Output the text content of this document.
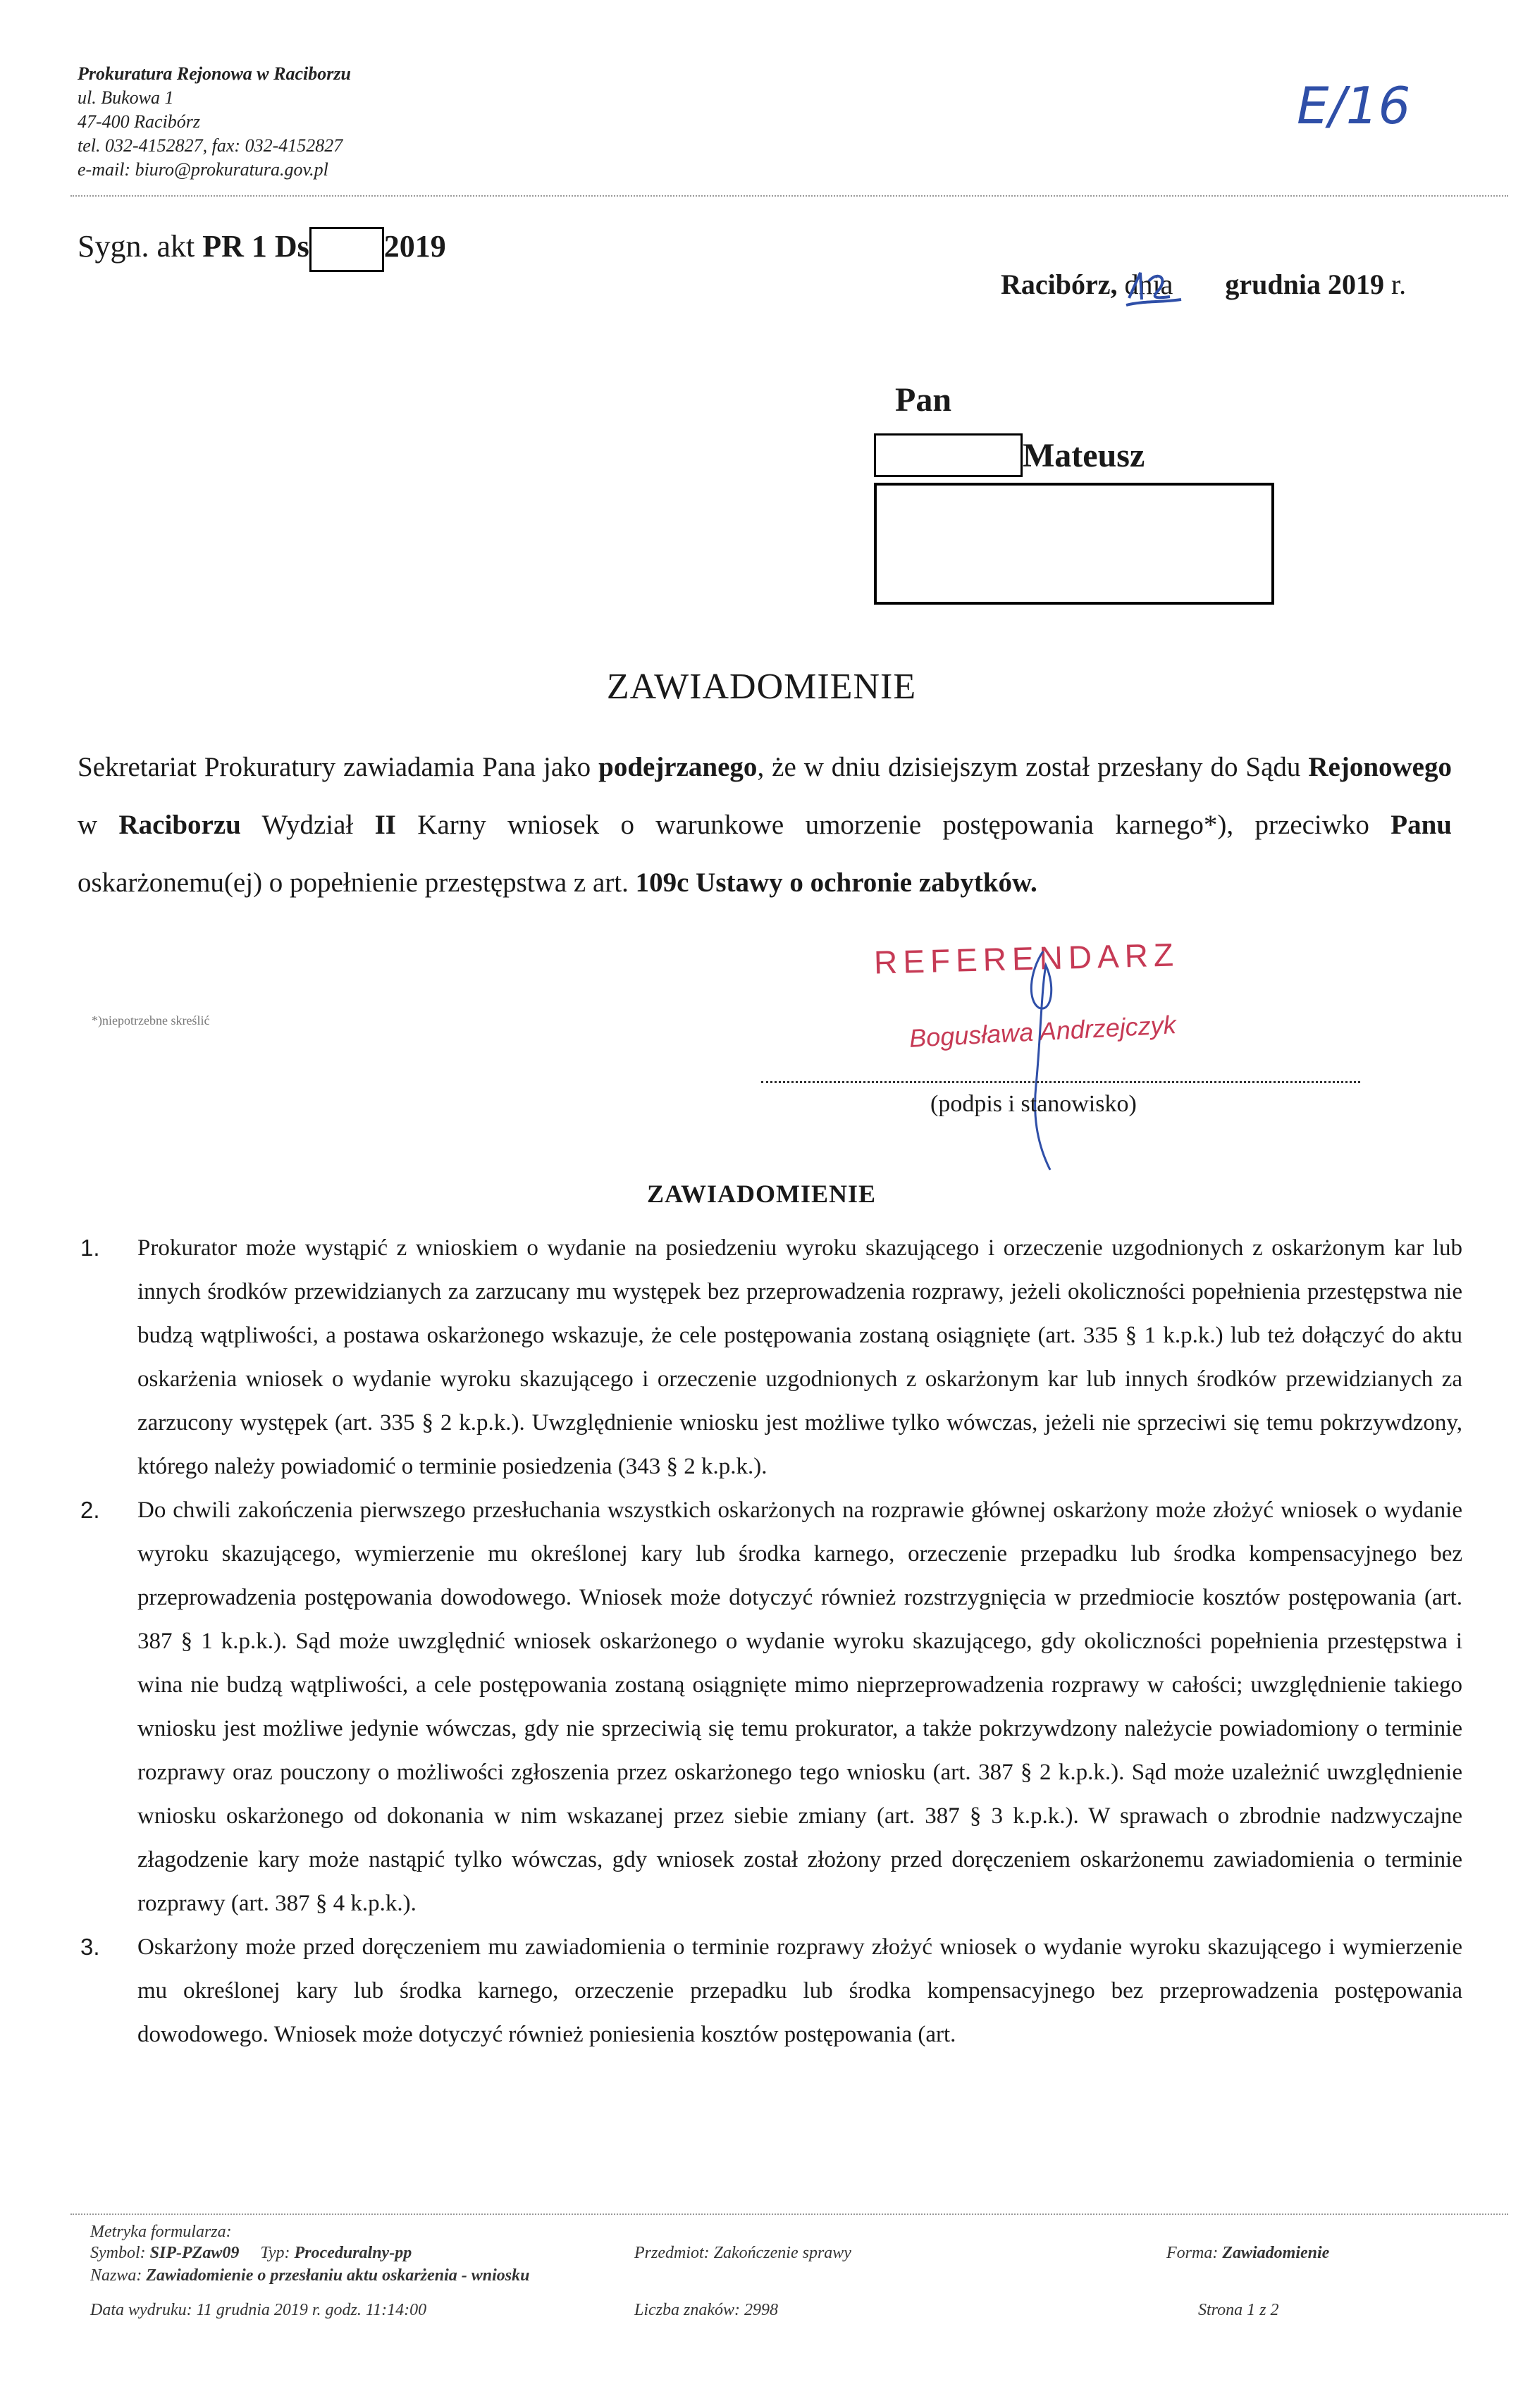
Prokuratura Rejonowa w Raciborzu
ul. Bukowa 1
47-400 Racibórz
tel. 032-4152827, fax: 032-4152827
e-mail: biuro@prokuratura.gov.pl
E/16
Sygn. akt PR 1 Ds 2019
Racibórz, dnia grudnia 2019 r.
Pan
Mateusz
ZAWIADOMIENIE
Sekretariat Prokuratury zawiadamia Pana jako podejrzanego, że w dniu dzisiejszym został przesłany do Sądu Rejonowego w Raciborzu Wydział II Karny wniosek o warunkowe umorzenie postępowania karnego*), przeciwko Panu oskarżonemu(ej) o popełnienie przestępstwa z art. 109c Ustawy o ochronie zabytków.
*)niepotrzebne skreślić
REFERENDARZ
Bogusława Andrzejczyk
(podpis i stanowisko)
ZAWIADOMIENIE
1. Prokurator może wystąpić z wnioskiem o wydanie na posiedzeniu wyroku skazującego i orzeczenie uzgodnionych z oskarżonym kar lub innych środków przewidzianych za zarzucany mu występek bez przeprowadzenia rozprawy, jeżeli okoliczności popełnienia przestępstwa nie budzą wątpliwości, a postawa oskarżonego wskazuje, że cele postępowania zostaną osiągnięte (art. 335 § 1 k.p.k.) lub też dołączyć do aktu oskarżenia wniosek o wydanie wyroku skazującego i orzeczenie uzgodnionych z oskarżonym kar lub innych środków przewidzianych za zarzucony występek (art. 335 § 2 k.p.k.). Uwzględnienie wniosku jest możliwe tylko wówczas, jeżeli nie sprzeciwi się temu pokrzywdzony, którego należy powiadomić o terminie posiedzenia (343 § 2 k.p.k.).
2. Do chwili zakończenia pierwszego przesłuchania wszystkich oskarżonych na rozprawie głównej oskarżony może złożyć wniosek o wydanie wyroku skazującego, wymierzenie mu określonej kary lub środka karnego, orzeczenie przepadku lub środka kompensacyjnego bez przeprowadzenia postępowania dowodowego. Wniosek może dotyczyć również rozstrzygnięcia w przedmiocie kosztów postępowania (art. 387 § 1 k.p.k.). Sąd może uwzględnić wniosek oskarżonego o wydanie wyroku skazującego, gdy okoliczności popełnienia przestępstwa i wina nie budzą wątpliwości, a cele postępowania zostaną osiągnięte mimo nieprzeprowadzenia rozprawy w całości; uwzględnienie takiego wniosku jest możliwe jedynie wówczas, gdy nie sprzeciwią się temu prokurator, a także pokrzywdzony należycie powiadomiony o terminie rozprawy oraz pouczony o możliwości zgłoszenia przez oskarżonego tego wniosku (art. 387 § 2 k.p.k.). Sąd może uzależnić uwzględnienie wniosku oskarżonego od dokonania w nim wskazanej przez siebie zmiany (art. 387 § 3 k.p.k.). W sprawach o zbrodnie nadzwyczajne złagodzenie kary może nastąpić tylko wówczas, gdy wniosek został złożony przed doręczeniem oskarżonemu zawiadomienia o terminie rozprawy (art. 387 § 4 k.p.k.).
3. Oskarżony może przed doręczeniem mu zawiadomienia o terminie rozprawy złożyć wniosek o wydanie wyroku skazującego i wymierzenie mu określonej kary lub środka karnego, orzeczenie przepadku lub środka kompensacyjnego bez przeprowadzenia postępowania dowodowego. Wniosek może dotyczyć również poniesienia kosztów postępowania (art.
Metryka formularza:
Symbol: SIP-PZaw09 Typ: Proceduralny-pp	Przedmiot: Zakończenie sprawy	Forma: Zawiadomienie
Nazwa: Zawiadomienie o przesłaniu aktu oskarżenia - wniosku
Data wydruku: 11 grudnia 2019 r. godz. 11:14:00	Liczba znaków: 2998	Strona 1 z 2
